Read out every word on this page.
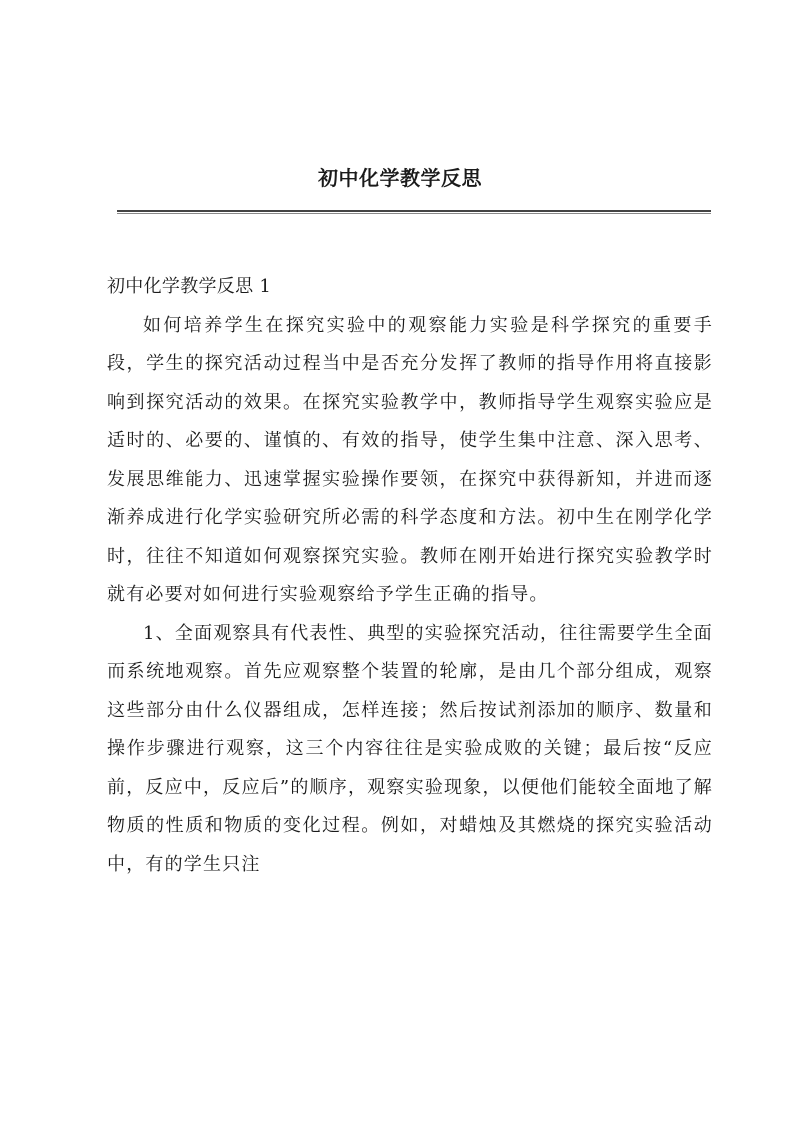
初中化学教学反思
初中化学教学反思 1

如何培养学生在探究实验中的观察能力实验是科学探究的重要手段，学生的探究活动过程当中是否充分发挥了教师的指导作用将直接影响到探究活动的效果。在探究实验教学中，教师指导学生观察实验应是适时的、必要的、谨慎的、有效的指导，使学生集中注意、深入思考、发展思维能力、迅速掌握实验操作要领，在探究中获得新知，并进而逐渐养成进行化学实验研究所必需的科学态度和方法。初中生在刚学化学时，往往不知道如何观察探究实验。教师在刚开始进行探究实验教学时就有必要对如何进行实验观察给予学生正确的指导。

1、全面观察具有代表性、典型的实验探究活动，往往需要学生全面而系统地观察。首先应观察整个装置的轮廓，是由几个部分组成，观察这些部分由什么仪器组成，怎样连接；然后按试剂添加的顺序、数量和操作步骤进行观察，这三个内容往往是实验成败的关键；最后按“反应前，反应中，反应后”的顺序，观察实验现象，以便他们能较全面地了解物质的性质和物质的变化过程。例如，对蜡烛及其燃烧的探究实验活动中，有的学生只注
